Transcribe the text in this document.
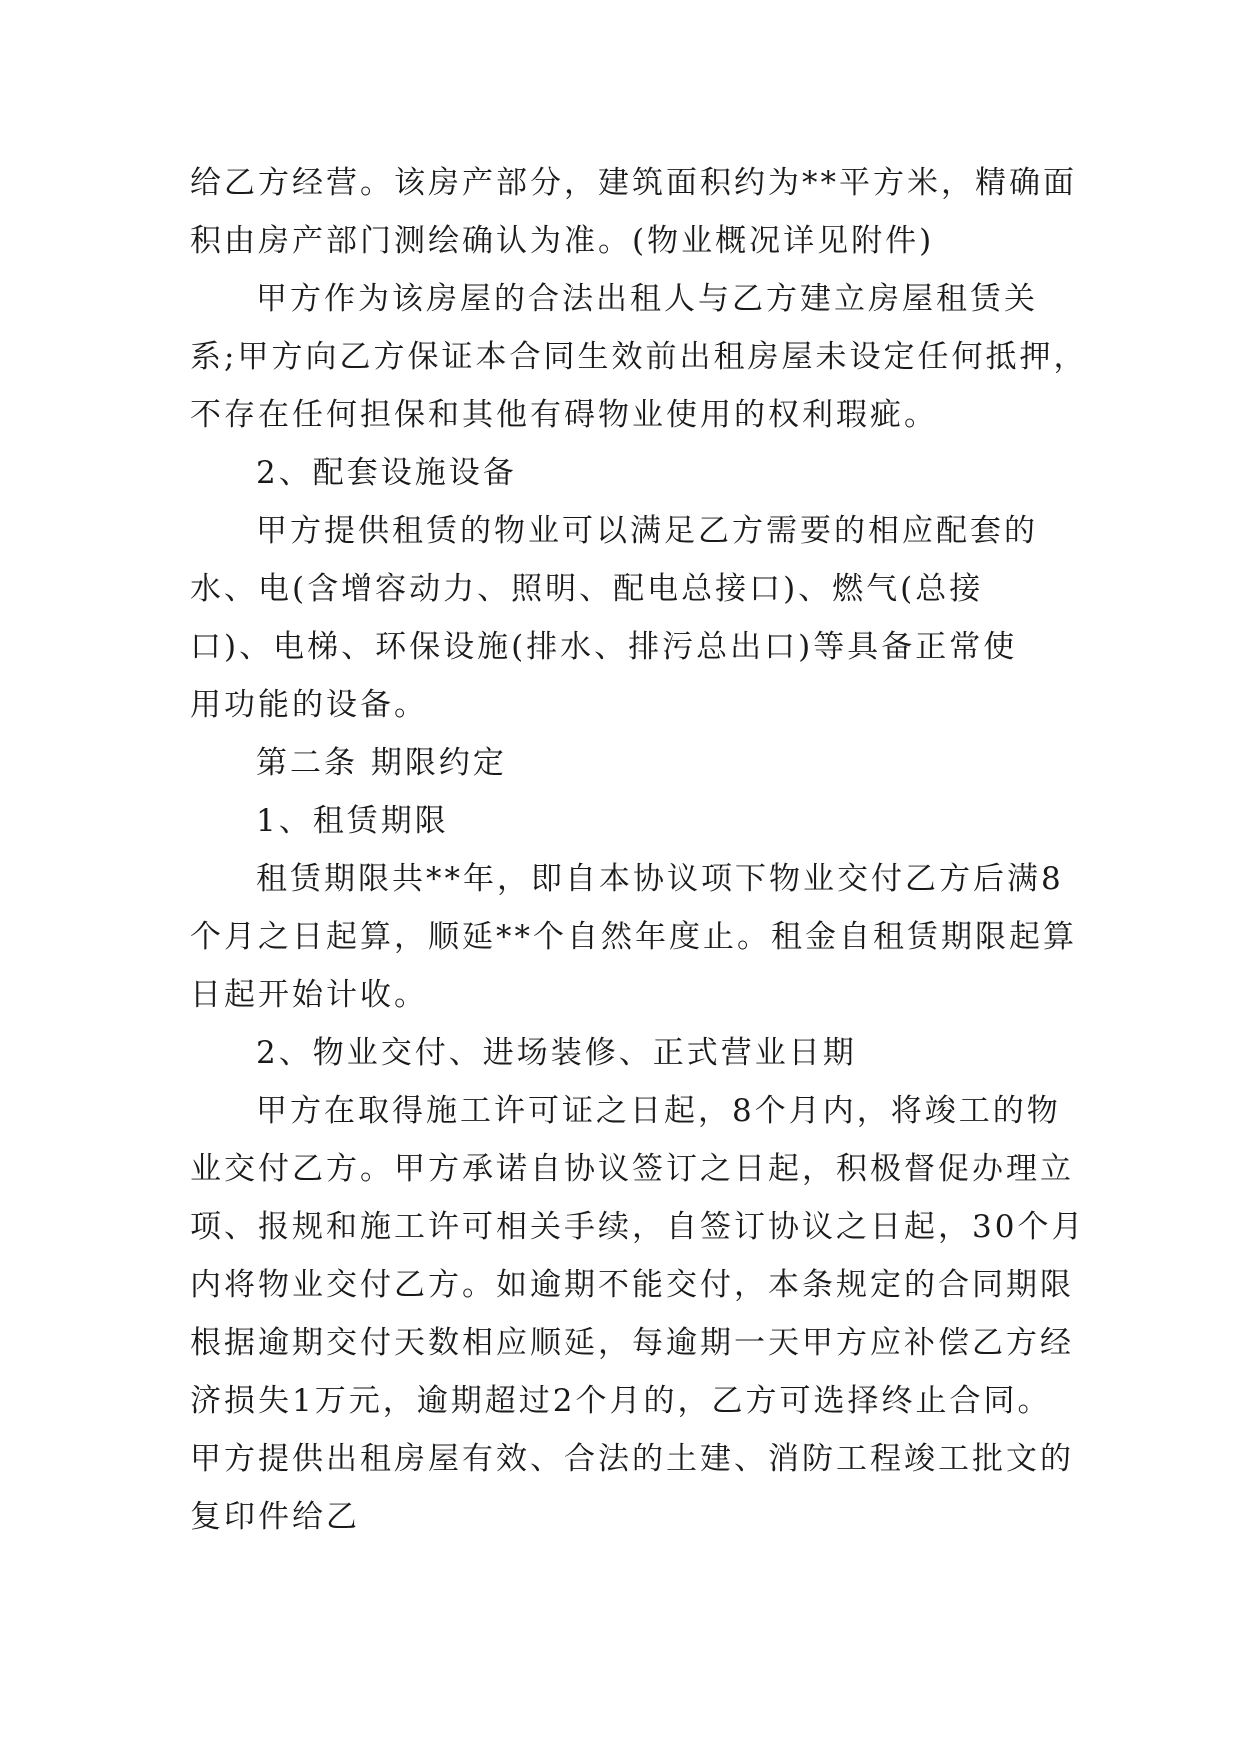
给乙方经营。该房产部分，建筑面积约为**平方米，精确面
积由房产部门测绘确认为准。(物业概况详见附件)
甲方作为该房屋的合法出租人与乙方建立房屋租赁关
系;甲方向乙方保证本合同生效前出租房屋未设定任何抵押，
不存在任何担保和其他有碍物业使用的权利瑕疵。
2、配套设施设备
甲方提供租赁的物业可以满足乙方需要的相应配套的
水、电(含增容动力、照明、配电总接口)、燃气(总接
口)、电梯、环保设施(排水、排污总出口)等具备正常使
用功能的设备。
第二条 期限约定
1、租赁期限
租赁期限共**年，即自本协议项下物业交付乙方后满8
个月之日起算，顺延**个自然年度止。租金自租赁期限起算
日起开始计收。
2、物业交付、进场装修、正式营业日期
甲方在取得施工许可证之日起，8个月内，将竣工的物
业交付乙方。甲方承诺自协议签订之日起，积极督促办理立
项、报规和施工许可相关手续，自签订协议之日起，30个月
内将物业交付乙方。如逾期不能交付，本条规定的合同期限
根据逾期交付天数相应顺延，每逾期一天甲方应补偿乙方经
济损失1万元，逾期超过2个月的，乙方可选择终止合同。
甲方提供出租房屋有效、合法的土建、消防工程竣工批文的
复印件给乙
